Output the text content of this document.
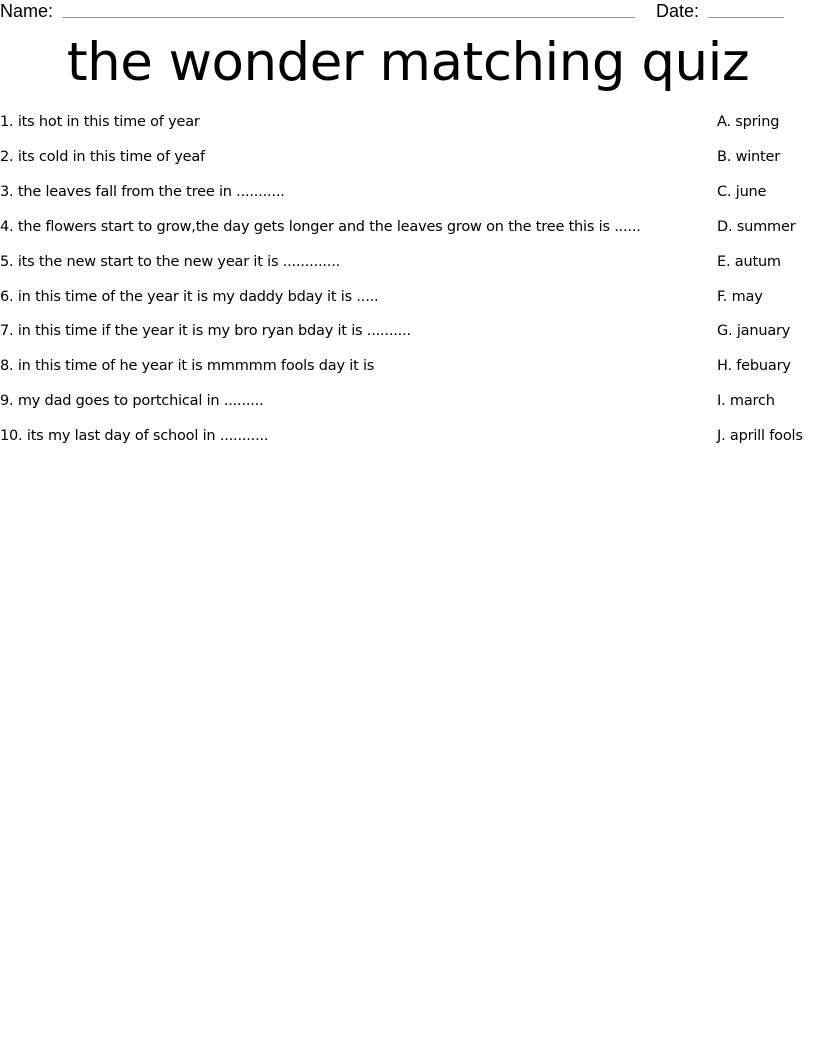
Name:	Date:
the wonder matching quiz
1. its hot in this time of year
2. its cold in this time of yeaf
3. the leaves fall from the tree in ...........
4. the flowers start to grow,the day gets longer and the leaves grow on the tree this is ......
5. its the new start to the new year it is .............
6. in this time of the year it is my daddy bday it is .....
7. in this time if the year it is my bro ryan bday it is ..........
8. in this time of he year it is mmmmm fools day it is
9. my dad goes to portchical in .........
10. its my last day of school in ...........
A. spring
B. winter
C. june
D. summer
E. autum
F. may
G. january
H. febuary
I. march
J. aprill fools
